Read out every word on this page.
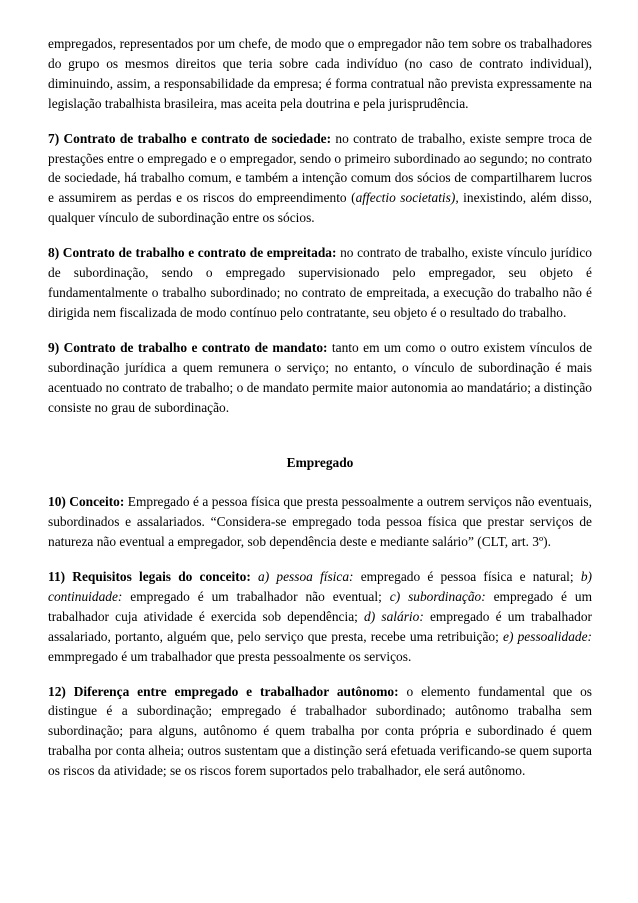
empregados, representados por um chefe, de modo que o empregador não tem sobre os trabalhadores do grupo os mesmos direitos que teria sobre cada indivíduo (no caso de contrato individual), diminuindo, assim, a responsabilidade da empresa; é forma contratual não prevista expressamente na legislação trabalhista brasileira, mas aceita pela doutrina e pela jurisprudência.

7) Contrato de trabalho e contrato de sociedade: no contrato de trabalho, existe sempre troca de prestações entre o empregado e o empregador, sendo o primeiro subordinado ao segundo; no contrato de sociedade, há trabalho comum, e também a intenção comum dos sócios de compartilharem lucros e assumirem as perdas e os riscos do empreendimento (affectio societatis), inexistindo, além disso, qualquer vínculo de subordinação entre os sócios.

8) Contrato de trabalho e contrato de empreitada: no contrato de trabalho, existe vínculo jurídico de subordinação, sendo o empregado supervisionado pelo empregador, seu objeto é fundamentalmente o trabalho subordinado; no contrato de empreitada, a execução do trabalho não é dirigida nem fiscalizada de modo contínuo pelo contratante, seu objeto é o resultado do trabalho.

9) Contrato de trabalho e contrato de mandato: tanto em um como o outro existem vínculos de subordinação jurídica a quem remunera o serviço; no entanto, o vínculo de subordinação é mais acentuado no contrato de trabalho; o de mandato permite maior autonomia ao mandatário; a distinção consiste no grau de subordinação.

Empregado

10) Conceito: Empregado é a pessoa física que presta pessoalmente a outrem serviços não eventuais, subordinados e assalariados. “Considera-se empregado toda pessoa física que prestar serviços de natureza não eventual a empregador, sob dependência deste e mediante salário” (CLT, art. 3º).

11) Requisitos legais do conceito: a) pessoa física: empregado é pessoa física e natural; b) continuidade: empregado é um trabalhador não eventual; c) subordinação: empregado é um trabalhador cuja atividade é exercida sob dependência; d) salário: empregado é um trabalhador assalariado, portanto, alguém que, pelo serviço que presta, recebe uma retribuição; e) pessoalidade: emmpregado é um trabalhador que presta pessoalmente os serviços.

12) Diferença entre empregado e trabalhador autônomo: o elemento fundamental que os distingue é a subordinação; empregado é trabalhador subordinado; autônomo trabalha sem subordinação; para alguns, autônomo é quem trabalha por conta própria e subordinado é quem trabalha por conta alheia; outros sustentam que a distinção será efetuada verificando-se quem suporta os riscos da atividade; se os riscos forem suportados pelo trabalhador, ele será autônomo.
